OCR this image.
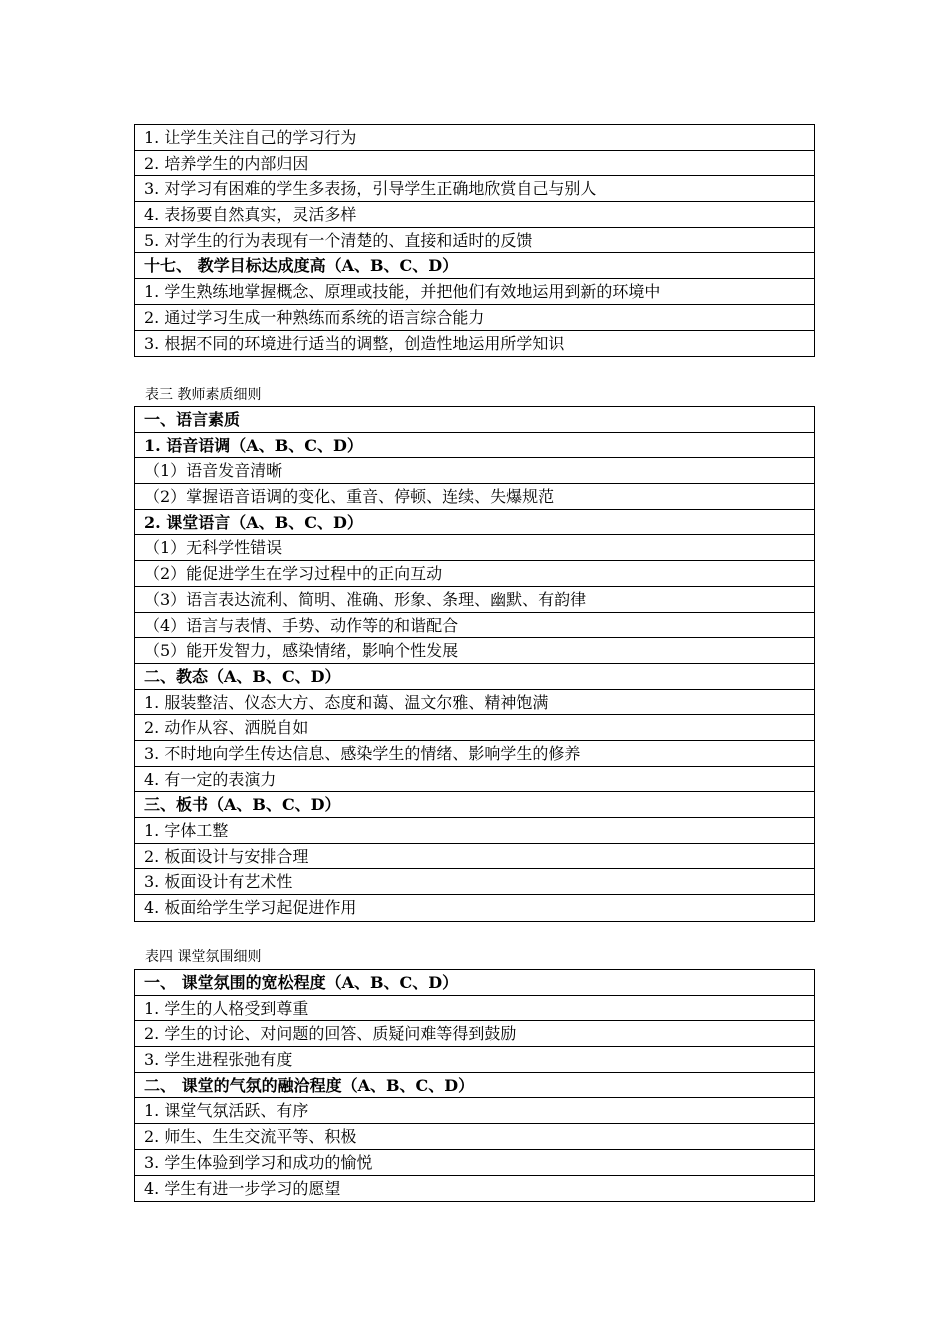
1. 让学生关注自己的学习行为
2. 培养学生的内部归因
3. 对学习有困难的学生多表扬，引导学生正确地欣赏自己与别人
4. 表扬要自然真实，灵活多样
5. 对学生的行为表现有一个清楚的、直接和适时的反馈
十七、 教学目标达成度高（A、B、C、D）
1. 学生熟练地掌握概念、原理或技能，并把他们有效地运用到新的环境中
2. 通过学习生成一种熟练而系统的语言综合能力
3. 根据不同的环境进行适当的调整，创造性地运用所学知识
表三 教师素质细则
一、语言素质
1. 语音语调（A、B、C、D）
（1）语音发音清晰
（2）掌握语音语调的变化、重音、停顿、连续、失爆规范
2. 课堂语言（A、B、C、D）
（1）无科学性错误
（2）能促进学生在学习过程中的正向互动
（3）语言表达流利、简明、准确、形象、条理、幽默、有韵律
（4）语言与表情、手势、动作等的和谐配合
（5）能开发智力，感染情绪，影响个性发展
二、教态（A、B、C、D）
1. 服装整洁、仪态大方、态度和蔼、温文尔雅、精神饱满
2. 动作从容、洒脱自如
3. 不时地向学生传达信息、感染学生的情绪、影响学生的修养
4. 有一定的表演力
三、板书（A、B、C、D）
1. 字体工整
2. 板面设计与安排合理
3. 板面设计有艺术性
4. 板面给学生学习起促进作用
表四 课堂氛围细则
一、 课堂氛围的宽松程度（A、B、C、D）
1. 学生的人格受到尊重
2. 学生的讨论、对问题的回答、质疑问难等得到鼓励
3. 学生进程张弛有度
二、 课堂的气氛的融洽程度（A、B、C、D）
1. 课堂气氛活跃、有序
2. 师生、生生交流平等、积极
3. 学生体验到学习和成功的愉悦
4. 学生有进一步学习的愿望
